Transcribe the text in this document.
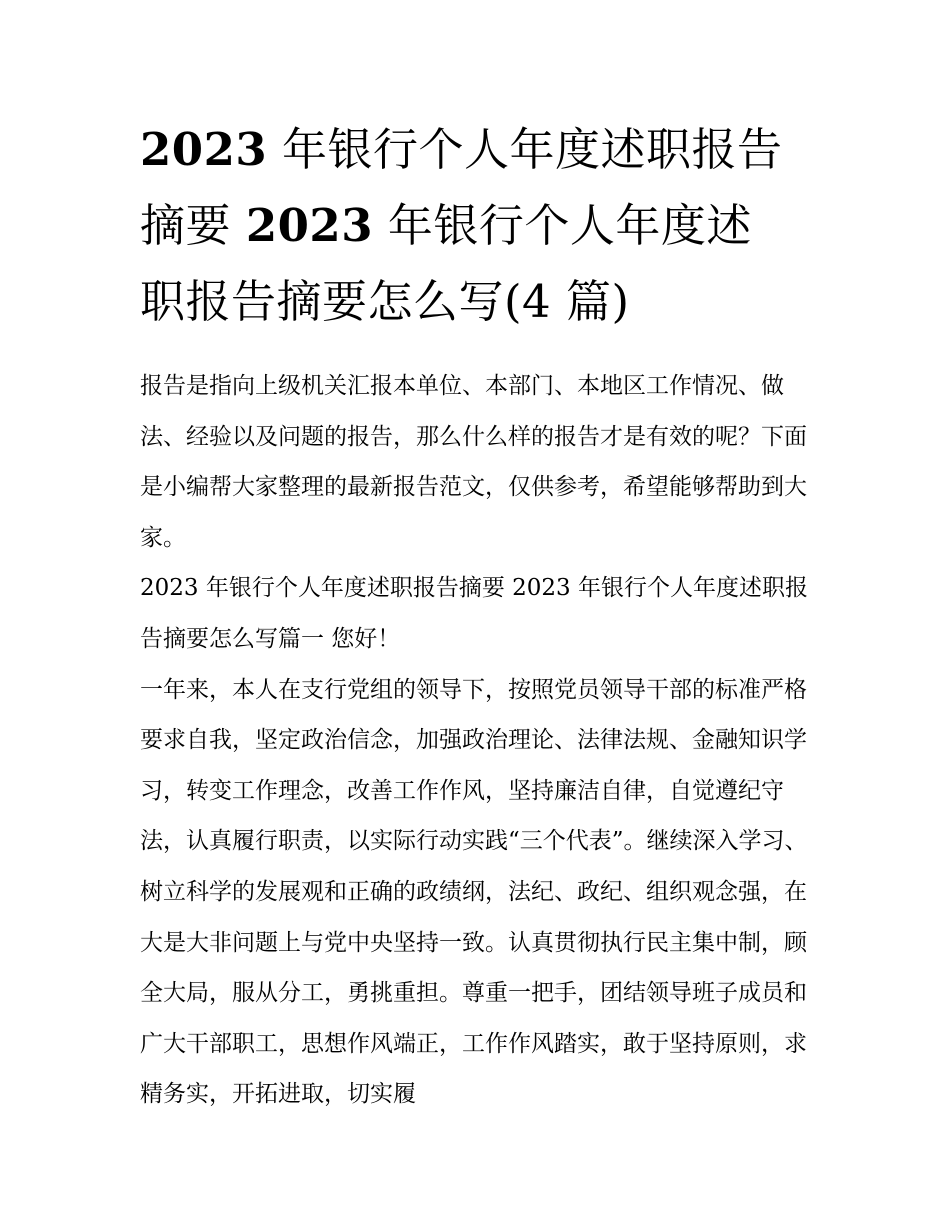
2023 年银行个人年度述职报告
摘要 2023 年银行个人年度述
职报告摘要怎么写(4 篇)

报告是指向上级机关汇报本单位、本部门、本地区工作情况、做法、经验以及问题的报告，那么什么样的报告才是有效的呢？下面是小编帮大家整理的最新报告范文，仅供参考，希望能够帮助到大家。

2023 年银行个人年度述职报告摘要 2023 年银行个人年度述职报告摘要怎么写篇一 您好！

一年来，本人在支行党组的领导下，按照党员领导干部的标准严格要求自我，坚定政治信念，加强政治理论、法律法规、金融知识学习，转变工作理念，改善工作作风，坚持廉洁自律，自觉遵纪守法，认真履行职责，以实际行动实践“三个代表”。继续深入学习、树立科学的发展观和正确的政绩纲，法纪、政纪、组织观念强，在大是大非问题上与党中央坚持一致。认真贯彻执行民主集中制，顾全大局，服从分工，勇挑重担。尊重一把手，团结领导班子成员和广大干部职工，思想作风端正，工作作风踏实，敢于坚持原则，求精务实，开拓进取，切实履
